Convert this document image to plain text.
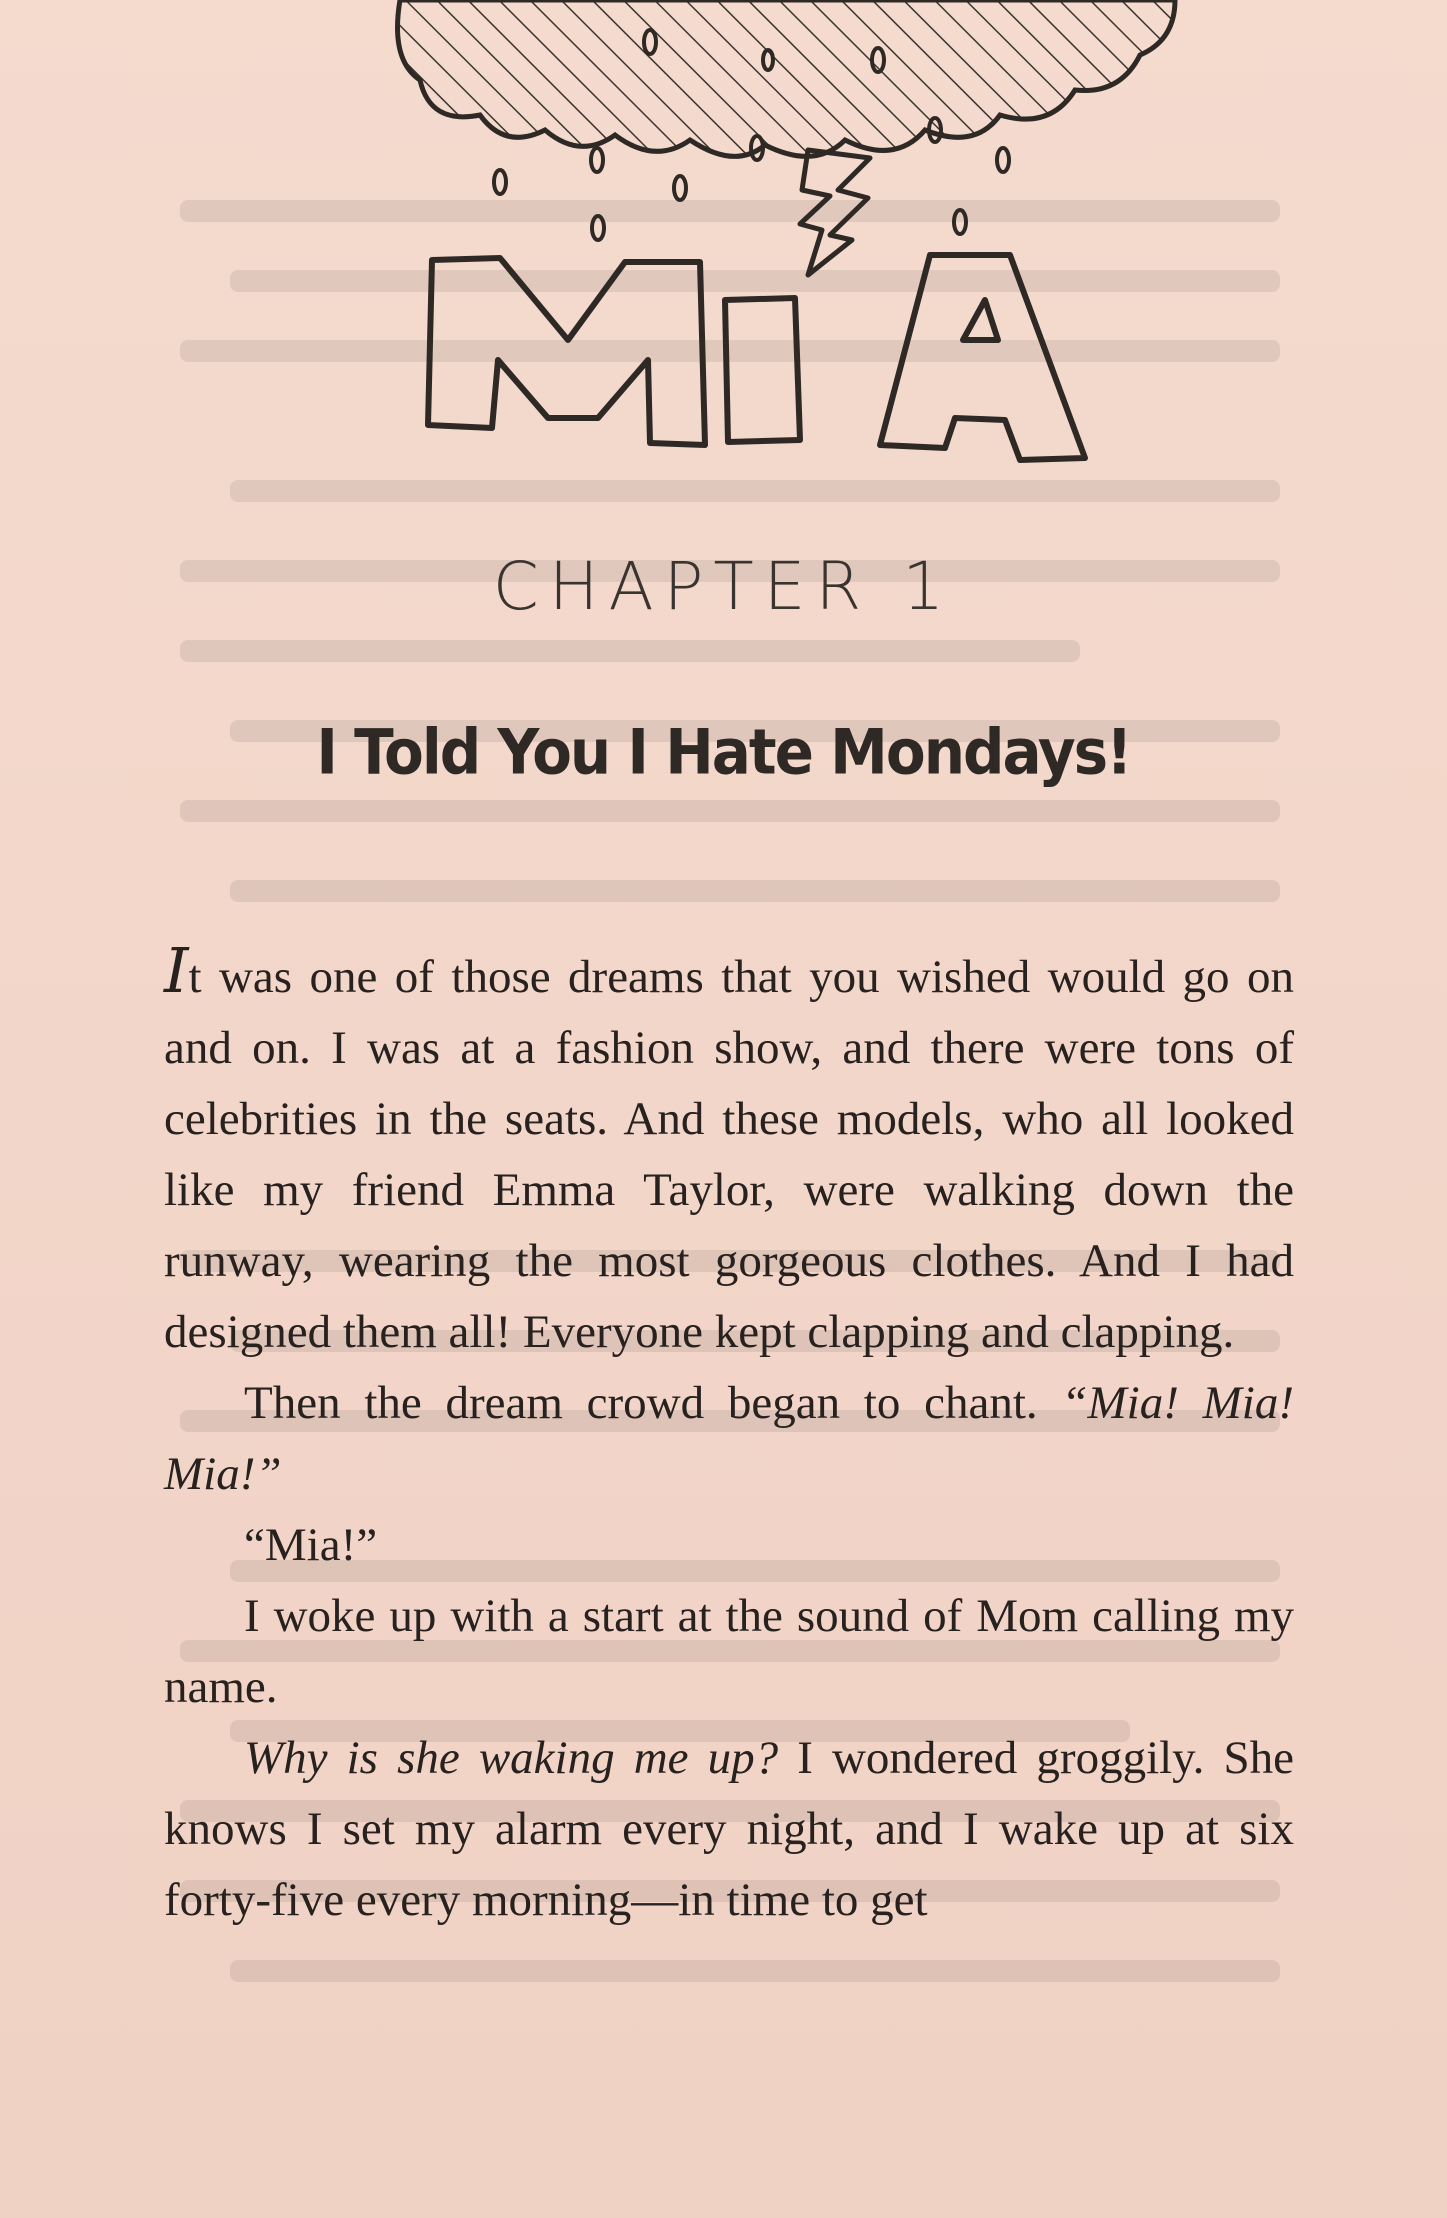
CHAPTER 1
I Told You I Hate Mondays!

It was one of those dreams that you wished would go on and on. I was at a fashion show, and there were tons of celebrities in the seats. And these models, who all looked like my friend Emma Taylor, were walking down the runway, wearing the most gorgeous clothes. And I had designed them all! Everyone kept clapping and clapping.

Then the dream crowd began to chant. “Mia! Mia! Mia!”

“Mia!”

I woke up with a start at the sound of Mom calling my name.

Why is she waking me up? I wondered groggily. She knows I set my alarm every night, and I wake up at six forty-five every morning—in time to get
